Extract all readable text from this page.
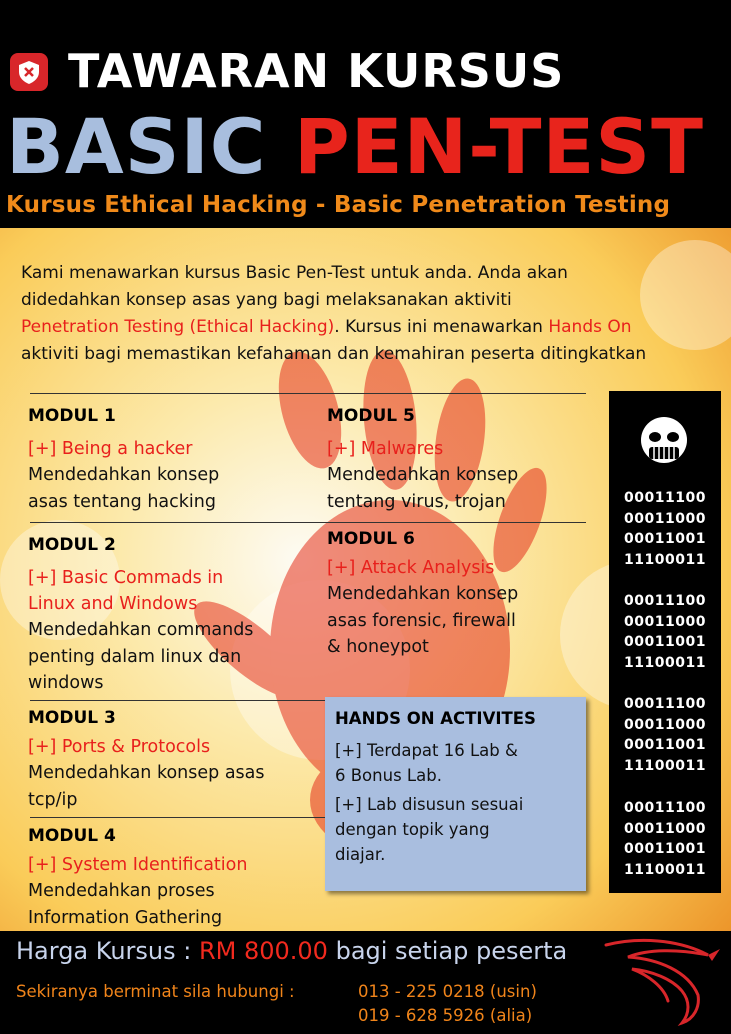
TAWARAN KURSUS
BASIC PEN-TEST
Kursus Ethical Hacking - Basic Penetration Testing
Kami menawarkan kursus Basic Pen-Test untuk anda. Anda akan
didedahkan konsep asas yang bagi melaksanakan aktiviti
Penetration Testing (Ethical Hacking). Kursus ini menawarkan Hands On
aktiviti bagi memastikan kefahaman dan kemahiran peserta ditingkatkan
MODUL 1
[+] Being a hacker
Mendedahkan konsep
asas tentang hacking
MODUL 5
[+] Malwares
Mendedahkan konsep
tentang virus, trojan
MODUL 2
[+] Basic Commads in
Linux and Windows
Mendedahkan commands
penting dalam linux dan
windows
MODUL 6
[+] Attack Analysis
Mendedahkan konsep
asas forensic, firewall
& honeypot
MODUL 3
[+] Ports & Protocols
Mendedahkan konsep asas
tcp/ip
MODUL 4
[+] System Identification
Mendedahkan proses
Information Gathering
00011100
00011000
00011001
11100011
00011100
00011000
00011001
11100011
00011100
00011000
00011001
11100011
00011100
00011000
00011001
11100011
HANDS ON ACTIVITES
[+] Terdapat 16 Lab &
6 Bonus Lab.
[+] Lab disusun sesuai
dengan topik yang
diajar.
Harga Kursus : RM 800.00 bagi setiap peserta
Sekiranya berminat sila hubungi :	013 - 225 0218 (usin)
019 - 628 5926 (alia)
